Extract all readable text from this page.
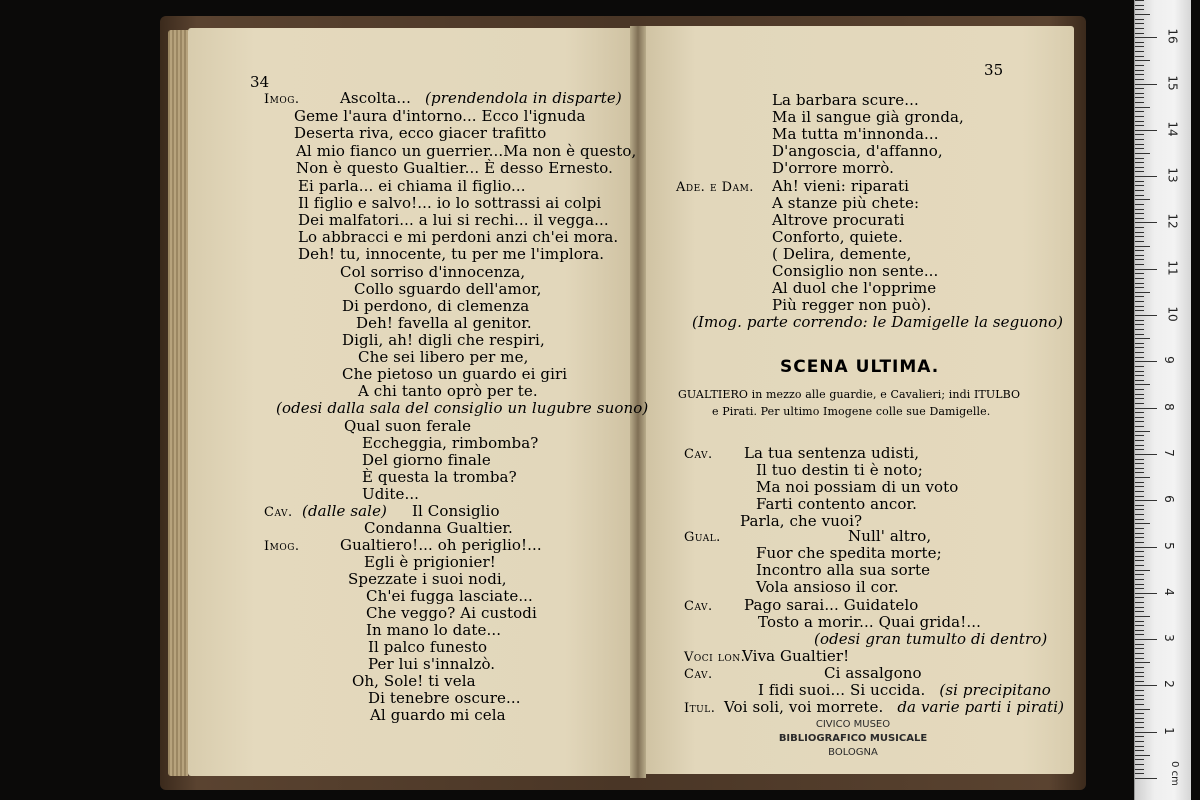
34
Imog.	Ascolta... (prendendola in disparte)
Geme l'aura d'intorno... Ecco l'ignuda
Deserta riva, ecco giacer trafitto
Al mio fianco un guerrier...Ma non è questo,
Non è questo Gualtier... È desso Ernesto.
Ei parla... ei chiama il figlio...
Il figlio e salvo!... io lo sottrassi ai colpi
Dei malfatori... a lui si rechi... il vegga...
Lo abbracci e mi perdoni anzi ch'ei mora.
Deh! tu, innocente, tu per me l'implora.
Col sorriso d'innocenza,
Collo sguardo dell'amor,
Di perdono, di clemenza
Deh! favella al genitor.
Digli, ah! digli che respiri,
Che sei libero per me,
Che pietoso un guardo ei giri
A chi tanto oprò per te.
(odesi dalla sala del consiglio un lugubre suono)
Qual suon ferale
Eccheggia, rimbomba?
Del giorno finale
È questa la tromba?
Udite...
Cav. (dalle sale) Il Consiglio
Condanna Gualtier.
Imog.	Gualtiero!... oh periglio!...
Egli è prigionier!
Spezzate i suoi nodi,
Ch'ei fugga lasciate...
Che veggo? Ai custodi
In mano lo date...
Il palco funesto
Per lui s'innalzò.
Oh, Sole! ti vela
Di tenebre oscure...
Al guardo mi cela
35
La barbara scure...
Ma il sangue già gronda,
Ma tutta m'innonda...
D'angoscia, d'affanno,
D'orrore morrò.
Ade. e Dam. Ah! vieni: riparati
A stanze più chete:
Altrove procurati
Conforto, quiete.
( Delira, demente,
Consiglio non sente...
Al duol che l'opprime
Più regger non può).
(Imog. parte correndo: le Damigelle la seguono)
SCENA ULTIMA.
GUALTIERO in mezzo alle guardie, e Cavalieri; indi ITULBO
e Pirati. Per ultimo Imogene colle sue Damigelle.
Cav. La tua sentenza udisti,
Il tuo destin ti è noto;
Ma noi possiam di un voto
Farti contento ancor.
Parla, che vuoi?
Gual.	Null' altro,
Fuor che spedita morte;
Incontro alla sua sorte
Vola ansioso il cor.
Cav. Pago sarai... Guidatelo
Tosto a morir... Quai grida!...
(odesi gran tumulto di dentro)
Voci lon.Viva Gualtier!
Cav.	Ci assalgono
I fidi suoi... Si uccida. (si precipitano
Itul. Voi soli, voi morrete. da varie parti i pirati)
CIVICO MUSEO
BIBLIOGRAFICO MUSICALE
BOLOGNA
0 cm
1
2
3
4
5
6
7
8
9
10
11
12
13
14
15
16
